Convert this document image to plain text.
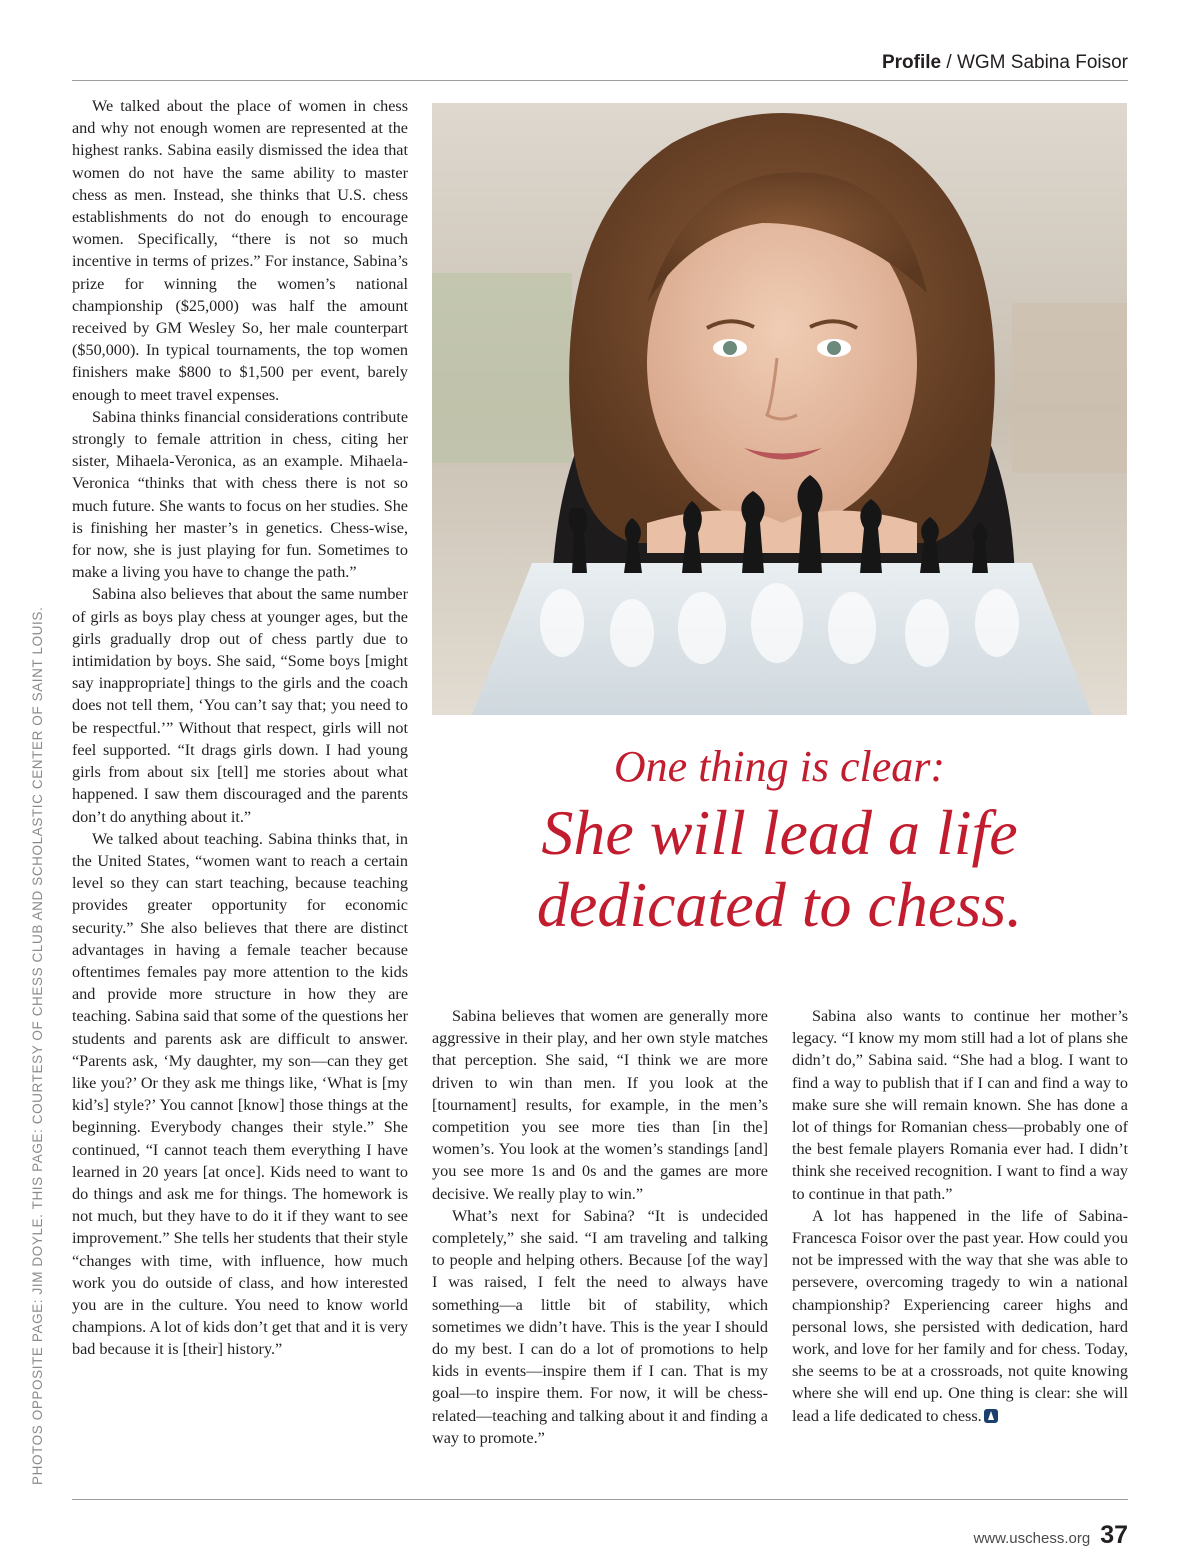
Profile / WGM Sabina Foisor
PHOTOS OPPOSITE PAGE: JIM DOYLE. THIS PAGE: COURTESY OF CHESS CLUB AND SCHOLASTIC CENTER OF SAINT LOUIS.

We talked about the place of women in chess and why not enough women are represented at the highest ranks. Sabina easily dismissed the idea that women do not have the same ability to master chess as men. Instead, she thinks that U.S. chess establishments do not do enough to encourage women. Specifically, “there is not so much incentive in terms of prizes.” For instance, Sabina’s prize for winning the women’s national championship ($25,000) was half the amount received by GM Wesley So, her male counterpart ($50,000). In typical tournaments, the top women finishers make $800 to $1,500 per event, barely enough to meet travel expenses.

Sabina thinks financial considerations contribute strongly to female attrition in chess, citing her sister, Mihaela-Veronica, as an example. Mihaela-Veronica “thinks that with chess there is not so much future. She wants to focus on her studies. She is finishing her master’s in genetics. Chess-wise, for now, she is just playing for fun. Sometimes to make a living you have to change the path.”

Sabina also believes that about the same number of girls as boys play chess at younger ages, but the girls gradually drop out of chess partly due to intimidation by boys. She said, “Some boys [might say inappropriate] things to the girls and the coach does not tell them, ‘You can’t say that; you need to be respectful.’” Without that respect, girls will not feel supported. “It drags girls down. I had young girls from about six [tell] me stories about what happened. I saw them discouraged and the parents don’t do anything about it.”

We talked about teaching. Sabina thinks that, in the United States, “women want to reach a certain level so they can start teaching, because teaching provides greater opportunity for economic security.” She also believes that there are distinct advantages in having a female teacher because oftentimes females pay more attention to the kids and provide more structure in how they are teaching. Sabina said that some of the questions her students and parents ask are difficult to answer. “Parents ask, ‘My daughter, my son—can they get like you?’ Or they ask me things like, ‘What is [my kid’s] style?’ You cannot [know] those things at the beginning. Everybody changes their style.” She continued, “I cannot teach them everything I have learned in 20 years [at once]. Kids need to want to do things and ask me for things. The homework is not much, but they have to do it if they want to see improvement.” She tells her students that their style “changes with time, with influence, how much work you do outside of class, and how interested you are in the culture. You need to know world champions. A lot of kids don’t get that and it is very bad because it is [their] history.”

One thing is clear:
She will lead a life
dedicated to chess.

Sabina believes that women are generally more aggressive in their play, and her own style matches that perception. She said, “I think we are more driven to win than men. If you look at the [tournament] results, for example, in the men’s competition you see more ties than [in the] women’s. You look at the women’s standings [and] you see more 1s and 0s and the games are more decisive. We really play to win.”

What’s next for Sabina? “It is undecided completely,” she said. “I am traveling and talking to people and helping others. Because [of the way] I was raised, I felt the need to always have something—a little bit of stability, which sometimes we didn’t have. This is the year I should do my best. I can do a lot of promotions to help kids in events—inspire them if I can. That is my goal—to inspire them. For now, it will be chess-related—teaching and talking about it and finding a way to promote.”

Sabina also wants to continue her mother’s legacy. “I know my mom still had a lot of plans she didn’t do,” Sabina said. “She had a blog. I want to find a way to publish that if I can and find a way to make sure she will remain known. She has done a lot of things for Romanian chess—probably one of the best female players Romania ever had. I didn’t think she received recognition. I want to find a way to continue in that path.”

A lot has happened in the life of Sabina-Francesca Foisor over the past year. How could you not be impressed with the way that she was able to persevere, overcoming tragedy to win a national championship? Experiencing career highs and personal lows, she persisted with dedication, hard work, and love for her family and for chess. Today, she seems to be at a crossroads, not quite knowing where she will end up. One thing is clear: she will lead a life dedicated to chess.

www.uschess.org 37
